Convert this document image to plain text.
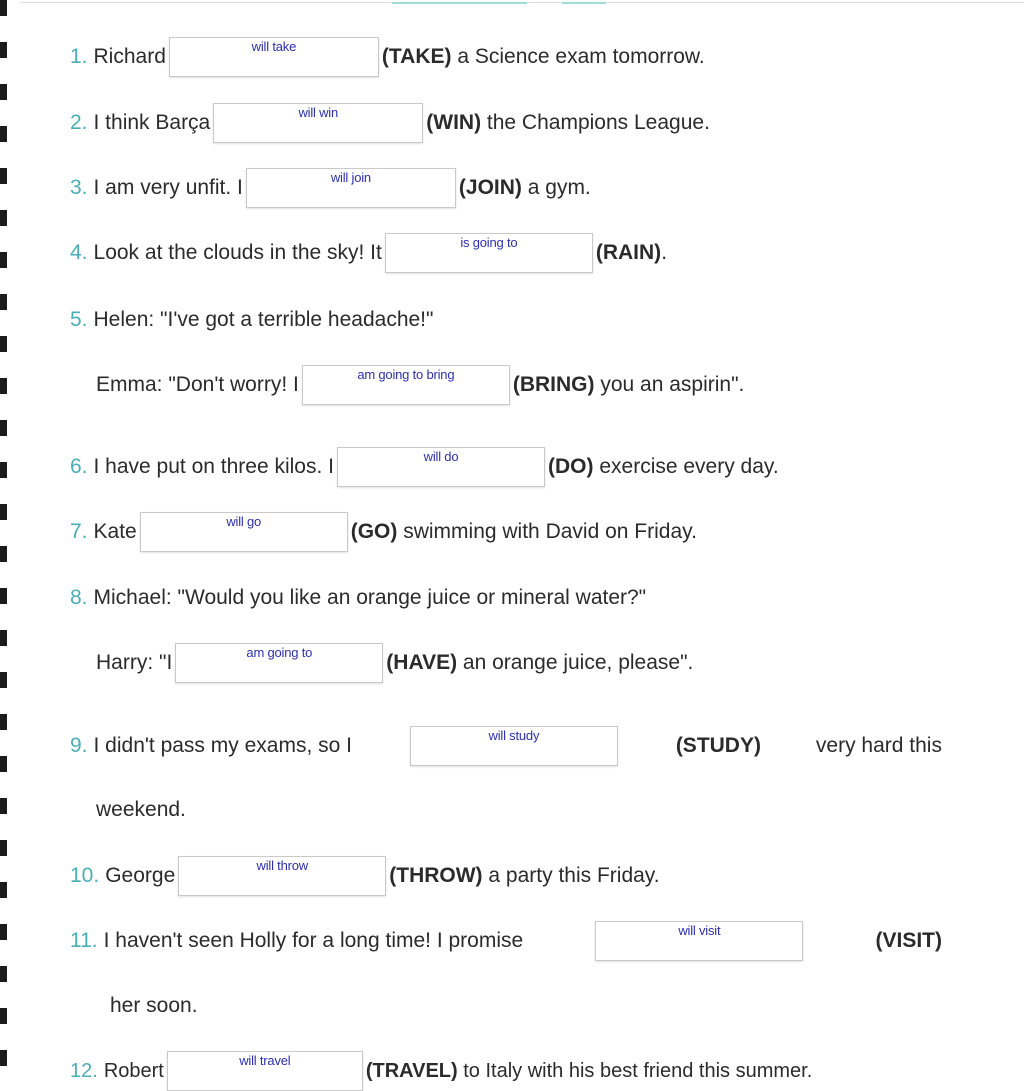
1. Richard	will take	(TAKE)
a Science exam tomorrow.
2. I think Barça	will win	(WIN)
the Champions League.
3. I am very unfit. I	will join	(JOIN)
a gym.
4. Look at the clouds in the sky! It	is going to	(RAIN) .
5. Helen: "I've got a terrible headache!"
Emma: "Don't worry! I	am going to bring	(BRING)
you an aspirin".
6. I have put on three kilos. I	will do	(DO)
exercise every day.
7. Kate	will go	(GO)
swimming with David on Friday.
8. Michael: "Would you like an orange juice or mineral water?"
Harry: "I	am going to	(HAVE)
an orange juice, please".
9. I didn't pass my exams, so I	will study	(STUDY)	very hard this
weekend.
10. George	will throw	(THROW)
a party this Friday.
11. I haven't seen Holly for a long time! I promise	will visit	(VISIT)
her soon.
12. Robert	will travel	(TRAVEL)
to Italy with his best friend this summer.
